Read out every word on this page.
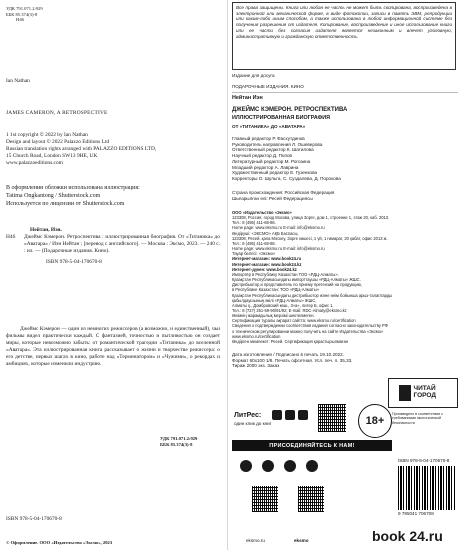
УДК 791.071.2:929
ББК 85.374(3)-8
Н46
Ian Nathan
JAMES CAMERON, A RETROSPECTIVE
1 1st copyright © 2022 by Ian Nathan
Design and layout © 2022 Palazzo Editions Ltd
Russian translation rights arranged with PALAZZO EDITIONS LTD,
15 Church Road, London SW13 9HE, UK
www.palazzoeditions.com
В оформлении обложки использована иллюстрация:
Tatima Ongkantong / Shutterstock.com
Используется по лицензии от Shutterstock.com
Нейтан, Иэн.
Н46	Джеймс Кэмерон. Ретроспектива : иллюстрированная биография. От «Титаника» до «Аватара» / Иэн Нейтан ; [перевод с английского]. — Москва : Эксмо, 2023. — 240 с. : ил. — (Подарочные издания. Кино).
ISBN 978-5-04-170670-8
Джеймс Кэмерон — один из немногих режиссеров (а возможно, и единственный), чьи фильмы видел практически каждый. С фантазией, точностью и пытливостью он создает миры, которые невозможно забыть: от романтической трагедии «Титаника» до вселенной «Аватара». Эта иллюстрированная книга рассказывает о жизни и творчестве режиссера: о его детстве, первых шагах в кино, работе над «Терминатором» и «Чужими», о рекордах и амбициях, которые изменили индустрию.
УДК 791.071.2:929
ББК 85.374(3)-8
ISBN 978-5-04-170670-8
© Оформление. ООО «Издательство «Эксмо», 2023
Все права защищены. Книга или любая ее часть не может быть скопирована, воспроизведена в электронной или механической форме, в виде фотокопии, записи в память ЭВМ, репродукции или каким-либо иным способом, а также использована в любой информационной системе без получения разрешения от издателя. Копирование, воспроизведение и иное использование книги или ее части без согласия издателя является незаконным и влечет уголовную, административную и гражданскую ответственность.
Издание для досуга
ПОДАРОЧНЫЕ ИЗДАНИЯ. КИНО
Нейтан Иэн
ДЖЕЙМС КЭМЕРОН. РЕТРОСПЕКТИВА
ИЛЛЮСТРИРОВАННАЯ БИОГРАФИЯ
ОТ «ТИТАНИКА» ДО «АВАТАРА»
Главный редактор Р. Фасхутдинов
Руководитель направления Л. Ошеверова
Ответственный редактор К. Шатилова
Научный редактор Д. Попов
Литературный редактор М. Рогозина
Младший редактор А. Лаврина
Художественный редактор Е. Гузенкова
Корректоры О. Шульга, С. Суздалева, Д. Порохова
Страна происхождения: Российская Федерация
Шығарылған елі: Ресей Федерациясы
ООО «Издательство «Эксмо»
123308, Россия, город Москва, улица Зорге, дом 1, строение 1, этаж 20, каб. 2013.
Тел.: 8 (495) 411-68-86.
Home page: www.eksmo.ru E-mail: info@eksmo.ru
Өндіруші: «ЭКСМО» АҚБ Баспасы,
123308, Ресей, қала Мәскеу, Зорге көшесі, 1 үй, 1 ғимарат, 20 қабат, офис 2013 ж.
Тел.: 8 (495) 411-68-86.
Home page: www.eksmo.ru E-mail: info@eksmo.ru
Тауар белгісі: «Эксмо»
Интернет-магазин: www.book24.ru
Интернет-магазин: www.book24.kz
Интернет-дүкен: www.book24.kz
Импортёр в Республику Казахстан ТОО «РДЦ-Алматы».
Қазақстан Республикасындағы импорттаушы «РДЦ-Алматы» ЖШС.
Дистрибьютор и представитель по приему претензий на продукцию,
в Республике Казахстан: ТОО «РДЦ-Алматы»
Қазақстан Республикасындағы дистрибьютор және өнім бойынша арыз-талаптарды
қабылдаушының өкілі «РДЦ-Алматы» ЖШС,
Алматы қ., Домбровский көш., 3«а», литер Б, офис 1.
Тел.: 8 (727) 251-59-90/91/92; E-mail: RDC-Almaty@eksmo.kz
Өнімнің жарамдылық мерзімі шектелмеген.
Сертификация туралы ақпарат сайтта: www.eksmo.ru/certification
Сведения о подтверждении соответствия издания согласно законодательству РФ
о техническом регулировании можно получить на сайте Издательства «Эксмо»
www.eksmo.ru/certification
Өндірген мемлекет: Ресей. Сертификация қарастырылмаған
Дата изготовления / Подписано в печать 19.10.2022.
Формат 60x100 1/8. Печать офсетная. Усл. печ. л. 35,33.
Тираж 2000 экз. Заказ
ЧИТАЙ ГОРОД
ЛитРес:
один клик до книг	18+
ПРИСОЕДИНЯЙТЕСЬ К НАМ!
eksmo.ru	eksmo
Произведено в соответствии с требованиями экологической безопасности
ISBN 978-5-04-170670-8
9 785041 706708
book 24.ru
